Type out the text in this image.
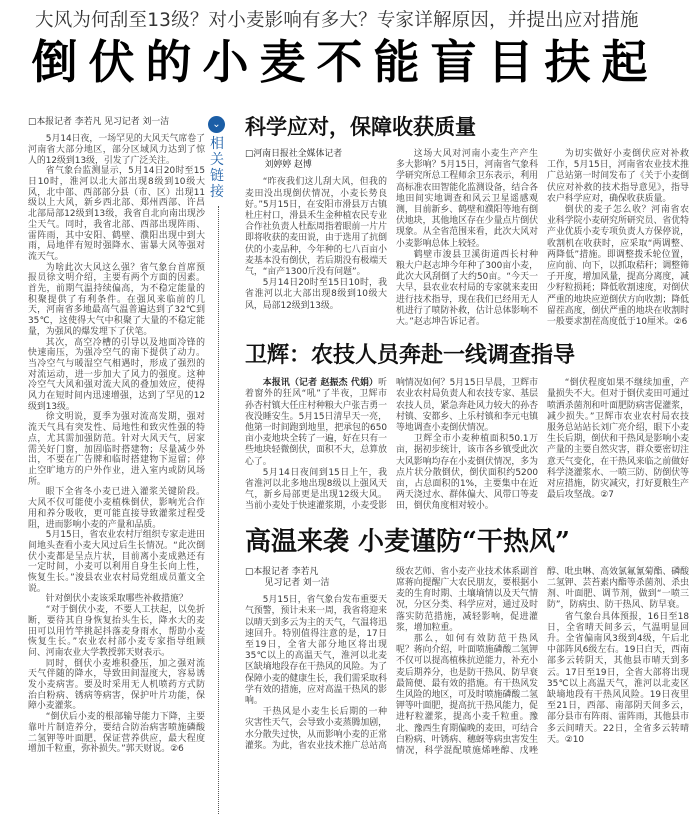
大风为何刮至13级？对小麦影响有多大？专家详解原因，并提出应对措施
倒伏的小麦不能盲目扶起
□本报记者 李若凡 见习记者 刘一洁

5月14日夜，一场罕见的大风天气席卷了河南省大部分地区，部分区域风力达到了惊人的12级到13级，引发了广泛关注。

省气象台监测显示，5月14日20时至15日10时，淮河以北大部出现8级到10级大风，北中部、西部部分县（市、区）出现11级以上大风，新乡西北部、郑州西部、许昌北部局部12级到13级，我省自北向南出现沙尘天气。同时，我省北部、西部出现阵雨、雷阵雨，其中安阳、鹤壁、濮阳出现中到大雨，局地伴有短时强降水、雷暴大风等强对流天气。

为啥此次大风这么强？省气象台首席预报员徐文明介绍，主要有两个方面的因素。首先，前期气温持续偏高，为不稳定能量的积聚提供了有利条件。在强风来临前的几天，河南省多地最高气温普遍达到了32℃到35℃，这使得大气中积聚了大量的不稳定能量，为强风的爆发埋下了伏笔。

其次，高空冷槽的引导以及地面冷锋的快速南压，为强冷空气的南下提供了动力。当冷空气与暖湿空气相遇时，形成了强烈的对流运动，进一步加大了风力的强度。这种冷空气大风和强对流大风的叠加效应，使得风力在短时间内迅速增强，达到了罕见的12级到13级。

徐文明说，夏季为强对流高发期，强对流天气具有突发性、局地性和致灾性强的特点，尤其需加强防范。针对大风天气，居家需关好门窗，加固临时搭建物；尽量减少外出，不要在广告牌和临时搭建物下逗留；停止空旷地方的户外作业，进入室内或防风场所。

眼下全省冬小麦已进入灌浆关键阶段。大风不仅可能使小麦植株倒伏，影响光合作用和养分吸收，更可能直接导致灌浆过程受阻，进而影响小麦的产量和品质。

5月15日，省农业农村厅组织专家走进田间地头查看小麦大风过后生长情况。“此次倒伏小麦都是呈点片状，目前离小麦成熟还有一定时间，小麦可以利用自身生长向上性，恢复生长。”浚县农业农村局党组成员董文全说。

针对倒伏小麦该采取哪些补救措施？

“对于倒伏小麦，不要人工扶起，以免折断，要待其自身恢复抬头生长，降水大的麦田可以用竹竿挑起抖落麦身雨水，帮助小麦恢复生长。”农业农村部小麦专家指导组顾问、河南农业大学教授郭天财表示。

同时，倒伏小麦堆积叠压，加之强对流天气伴随的降水，导致田间湿度大，容易诱发小麦病害。要及时采用无人机喷药方式防治白粉病、锈病等病害，保护叶片功能，保障小麦灌浆。

“倒伏后小麦的根部输导能力下降，主要靠叶片制造养分，要结合防治病害喷施磷酸二氢钾等叶面肥，保证营养供应，最大程度增加千粒重，弥补损失。”郭天财说。②6

⌄
相关链接
科学应对，保障收获质量
□河南日报社全媒体记者
刘婷婷 赵博

“昨夜我们这儿刮大风，但我的麦田没出现倒伏情况，小麦长势良好。”5月15日，在安阳市滑县万古镇杜庄村口，滑县禾生金种植农民专业合作社负责人杜酝周指着眼前一片片即将收获的麦田说，由于选用了抗倒伏的小麦品种，今年种的七八百亩小麦基本没有倒伏，若后期没有极端天气，“亩产1300斤没有问题”。

5月14日20时至15日10时，我省淮河以北大部出现8级到10级大风，局部12级到13级。

这场大风对河南小麦生产产生多大影响？5月15日，河南省气象科学研究所总工程师余卫东表示，利用高标准农田智能化监测设备，结合各地田间实地调查和风云卫星遥感观测，目前新乡、鹤壁和濮阳等地有倒伏地块，其他地区存在少量点片倒伏现象。从全省范围来看，此次大风对小麦影响总体上较轻。

鹤壁市浚县卫溪街道西长村种粮大户赵志坤今年种了300亩小麦，此次大风刮倒了大约50亩。“今天一大早，县农业农村局的专家就来麦田进行技术指导，现在我们已经用无人机进行了喷防补救，估计总体影响不大。”赵志坤告诉记者。

为切实做好小麦倒伏应对补救工作，5月15日，河南省农业技术推广总站第一时间发布了《关于小麦倒伏应对补救的技术指导意见》，指导农户科学应对，确保收获质量。

倒伏的麦子怎么收？河南省农业科学院小麦研究所研究员、省优特产业优质小麦专项负责人方保停说，收割机在收获时，应采取“两调整、两降低”措施。即调整拨禾轮位置，应向前、向下，以抓取秸秆；调整筛子开度，增加风量，提高分离度，减少籽粒损耗；降低收割速度，对倒伏严重的地块应逆倒伏方向收割；降低留茬高度，倒伏严重的地块在收割时一般要求割茬高度低于10厘米。②6

卫辉：农技人员奔赴一线调查指导

本报讯（记者 赵振杰 代娟）听着窗外的狂风“吼”了半夜，卫辉市孙杏村镇大任庄村种粮大户张吉勇一夜没睡安生。5月15日清早天一亮，他第一时间跑到地里，把承包的650亩小麦地块全转了一遍，好在只有一些地块轻微倒伏，面积不大，总算放心了。

5月14日夜间到15日上午，我省淮河以北多地出现8级以上强风天气，新乡局部更是出现12级大风。当前小麦处于快速灌浆期，小麦受影响情况如何？5月15日早晨，卫辉市农业农村局负责人和农技专家、基层农技人员，紧急奔赴风力较大的孙杏村镇、安都乡、上乐村镇和李元屯镇等地调查小麦倒伏情况。

卫辉全市小麦种植面积50.1万亩，据初步统计，该市各乡镇受此次大风影响均存在小麦倒伏情况，多为点片状分散倒伏，倒伏面积约5200亩，占总面积的1%，主要集中在近两天浇过水、群体偏大、风带口等麦田，倒伏角度相对较小。

“倒伏程度如果不继续加重，产量损失不大。但对于倒伏麦田可通过喷洒杀菌剂和叶面肥防病害促灌浆，减少损失。”卫辉市农业农村局农技服务总站站长刘广亮介绍，眼下小麦生长后期，倒伏和干热风是影响小麦产量的主要自然灾害，群众要密切注意天气变化，在干热风来临之前做好科学浇灌浆水、一喷三防、防倒伏等对应措施，防灾减灾，打好夏粮生产最后攻坚战。②7

高温来袭 小麦谨防“干热风”
□本报记者 李若凡
见习记者 刘一洁

5月15日，省气象台发布重要天气预警，预计未来一周，我省将迎来以晴天到多云为主的天气，气温将迅速回升。特别值得注意的是，17日至19日，全省大部分地区将出现35℃以上的高温天气，淮河以北麦区缺墒地段存在干热风的风险。为了保障小麦的健康生长，我们需采取科学有效的措施，应对高温干热风的影响。

干热风是小麦生长后期的一种灾害性天气，会导致小麦蒸腾加剧，水分散失过快，从而影响小麦的正常灌浆。为此，省农业技术推广总站高级农艺师、省小麦产业技术体系副首席蒋向提醒广大农民朋友，要根据小麦的生育时期、土壤墒情以及天气情况，分区分类、科学应对，通过及时落实防范措施，减轻影响，促进灌浆，增加粒重。

那么，如何有效防范干热风呢？蒋向介绍，叶面喷施磷酸二氢钾不仅可以提高植株抗逆能力，补充小麦后期养分，也是防干热风、防早衰最简便、最有效的措施。有干热风发生风险的地区，可及时喷施磷酸二氢钾等叶面肥，提高抗干热风能力，促进籽粒灌浆，提高小麦千粒重。豫北、豫西生育期偏晚的麦田，可结合白粉病、叶锈病、穗蚜等病虫害发生情况，科学混配喷施烯唑醇、戊唑醇、吡虫啉、高效氯氟氰菊酯、磷酸二氢钾、芸苔素内酯等杀菌剂、杀虫剂、叶面肥、调节剂，做到“一喷三防”，防病虫、防干热风、防早衰。

省气象台具体预报，16日至18日，全省晴天间多云，气温明显回升。全省偏南风3级到4级，午后北中部阵风6级左右。19日白天，西南部多云转阴天，其他县市晴天到多云。17日至19日，全省大部将出现35℃以上高温天气，淮河以北麦区缺墒地段有干热风风险。19日夜里至21日，西部、南部阴天间多云，部分县市有阵雨、雷阵雨，其他县市多云间晴天。22日，全省多云转晴天。②10
